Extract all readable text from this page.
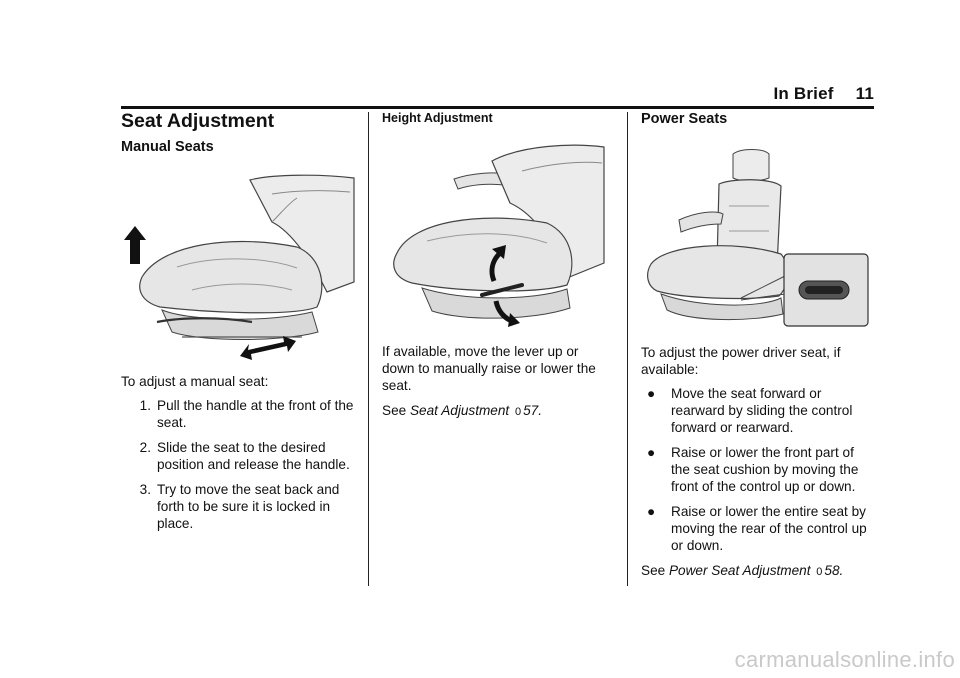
In Brief 11
Seat Adjustment
Manual Seats

To adjust a manual seat:

1. Pull the handle at the front of the seat.
2. Slide the seat to the desired position and release the handle.
3. Try to move the seat back and forth to be sure it is locked in place.
Height Adjustment

If available, move the lever up or down to manually raise or lower the seat.

See Seat Adjustment 0 57.

Power Seats

To adjust the power driver seat, if available:

●	Move the seat forward or rearward by sliding the control forward or rearward.
●	Raise or lower the front part of the seat cushion by moving the front of the control up or down.
●	Raise or lower the entire seat by moving the rear of the control up or down.

See Power Seat Adjustment 0 58.

carmanualsonline.info
